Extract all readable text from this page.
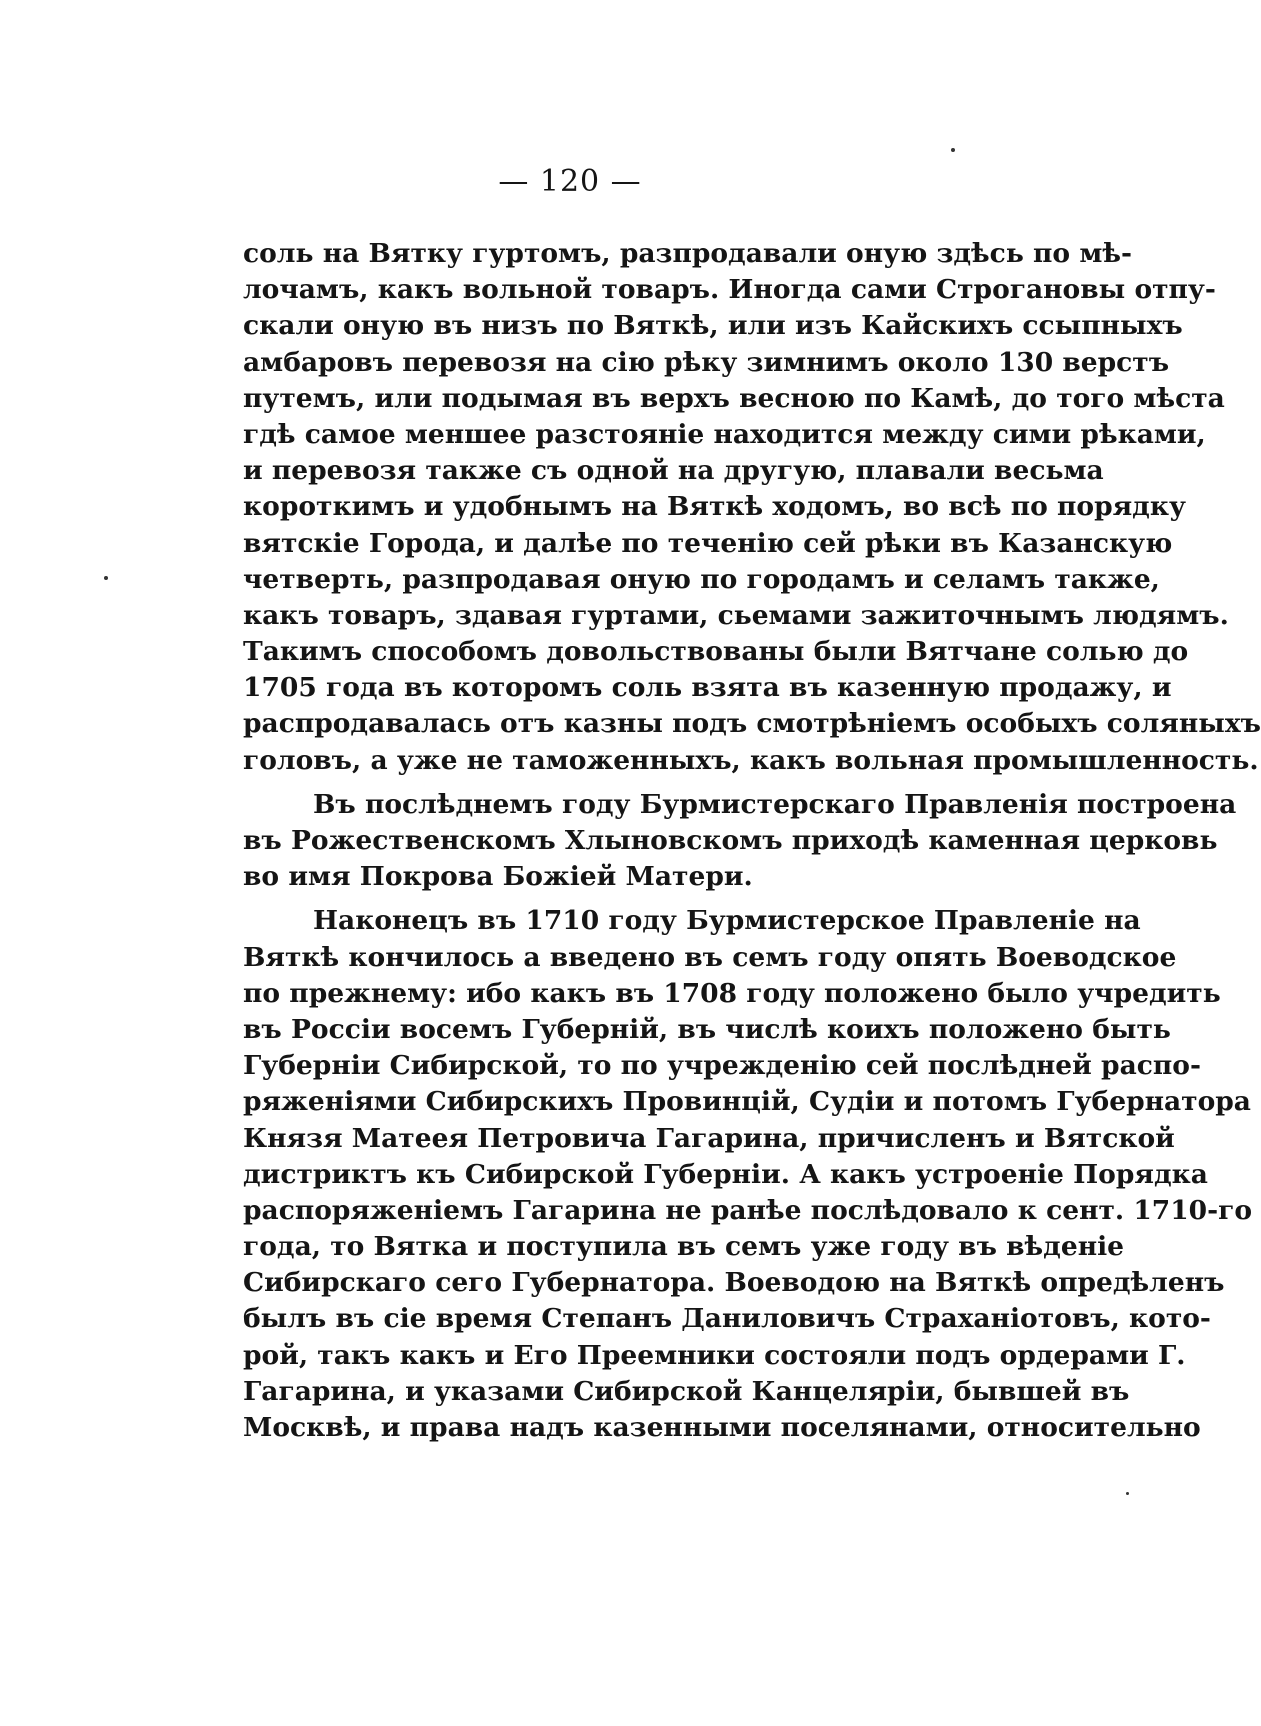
— 120 —
соль на Вятку гуртомъ, разпродавали оную здѣсь по мѣ-
лочамъ, какъ вольной товаръ. Иногда сами Строгановы отпу-
скали оную въ низъ по Вяткѣ, или изъ Кайскихъ ссыпныхъ
амбаровъ перевозя на сію рѣку зимнимъ около 130 верстъ
путемъ, или подымая въ верхъ весною по Камѣ, до того мѣста
гдѣ самое меншее разстояніе находится между сими рѣками,
и перевозя также съ одной на другую, плавали весьма
короткимъ и удобнымъ на Вяткѣ ходомъ, во всѣ по порядку
вятскіе Города, и далѣе по теченію сей рѣки въ Казанскую
четверть, разпродавая оную по городамъ и селамъ также,
какъ товаръ, здавая гуртами, сьемами зажиточнымъ людямъ.
Такимъ способомъ довольствованы были Вятчане солью до
1705 года въ которомъ соль взята въ казенную продажу, и
распродавалась отъ казны подъ смотрѣніемъ особыхъ соляныхъ
головъ, а уже не таможенныхъ, какъ вольная промышленность.
Въ послѣднемъ году Бурмистерскаго Правленія построена
въ Рожественскомъ Хлыновскомъ приходѣ каменная церковь
во имя Покрова Божіей Матери.
Наконецъ въ 1710 году Бурмистерское Правленіе на
Вяткѣ кончилось а введено въ семъ году опять Воеводское
по прежнему: ибо какъ въ 1708 году положено было учредить
въ Россіи восемъ Губерній, въ числѣ коихъ положено быть
Губерніи Сибирской, то по учрежденію сей послѣдней распо-
ряженіями Сибирскихъ Провинцій, Судіи и потомъ Губернатора
Князя Матеея Петровича Гагарина, причисленъ и Вятской
дистриктъ къ Сибирской Губерніи. А какъ устроеніе Порядка
распоряженіемъ Гагарина не ранѣе послѣдовало к сент. 1710-го
года, то Вятка и поступила въ семъ уже году въ вѣденіе
Сибирскаго сего Губернатора. Воеводою на Вяткѣ опредѣленъ
былъ въ сіе время Степанъ Даниловичъ Страханіотовъ, кото-
рой, такъ какъ и Его Преемники состояли подъ ордерами Г.
Гагарина, и указами Сибирской Канцеляріи, бывшей въ
Москвѣ, и права надъ казенными поселянами, относительно
